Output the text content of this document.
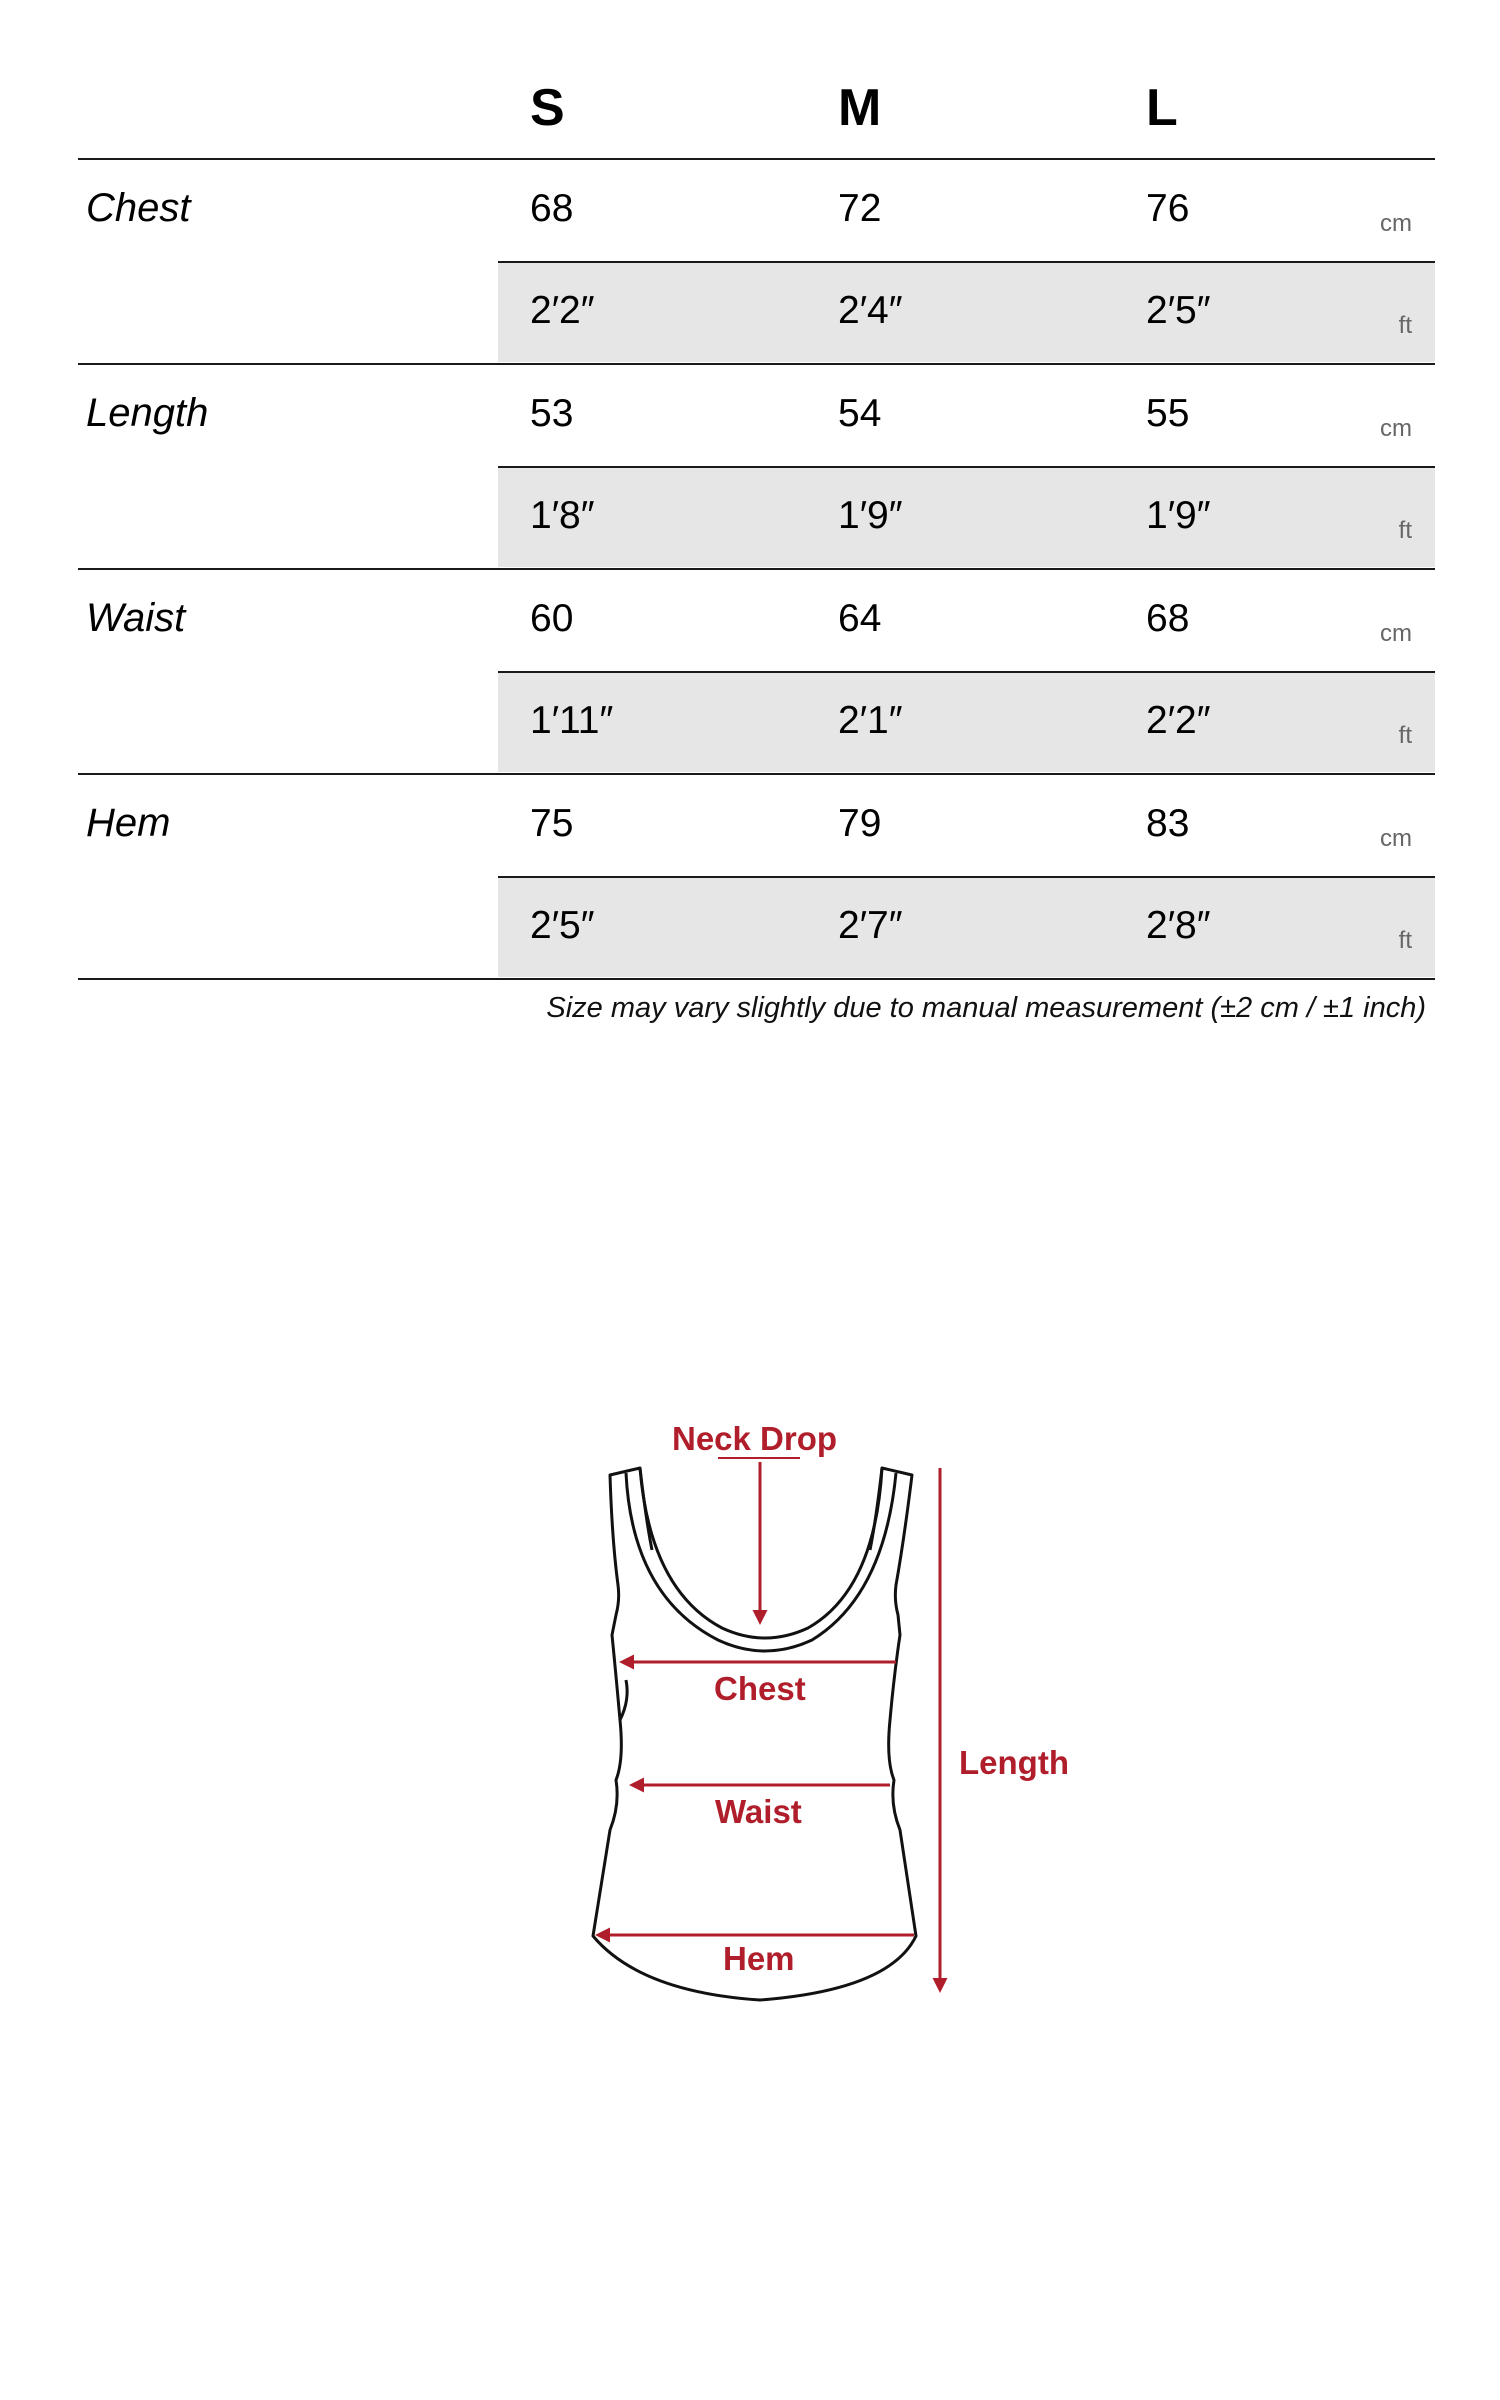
S	M	L
Chest	68	72	76	cm
2′2″	2′4″	2′5″	ft
Length	53	54	55	cm
1′8″	1′9″	1′9″	ft
Waist	60	64	68	cm
1′11″	2′1″	2′2″	ft
Hem	75	79	83	cm
2′5″	2′7″	2′8″	ft
Size may vary slightly due to manual measurement (±2 cm / ±1 inch)
Neck Drop
Chest
Waist
Hem
Length
